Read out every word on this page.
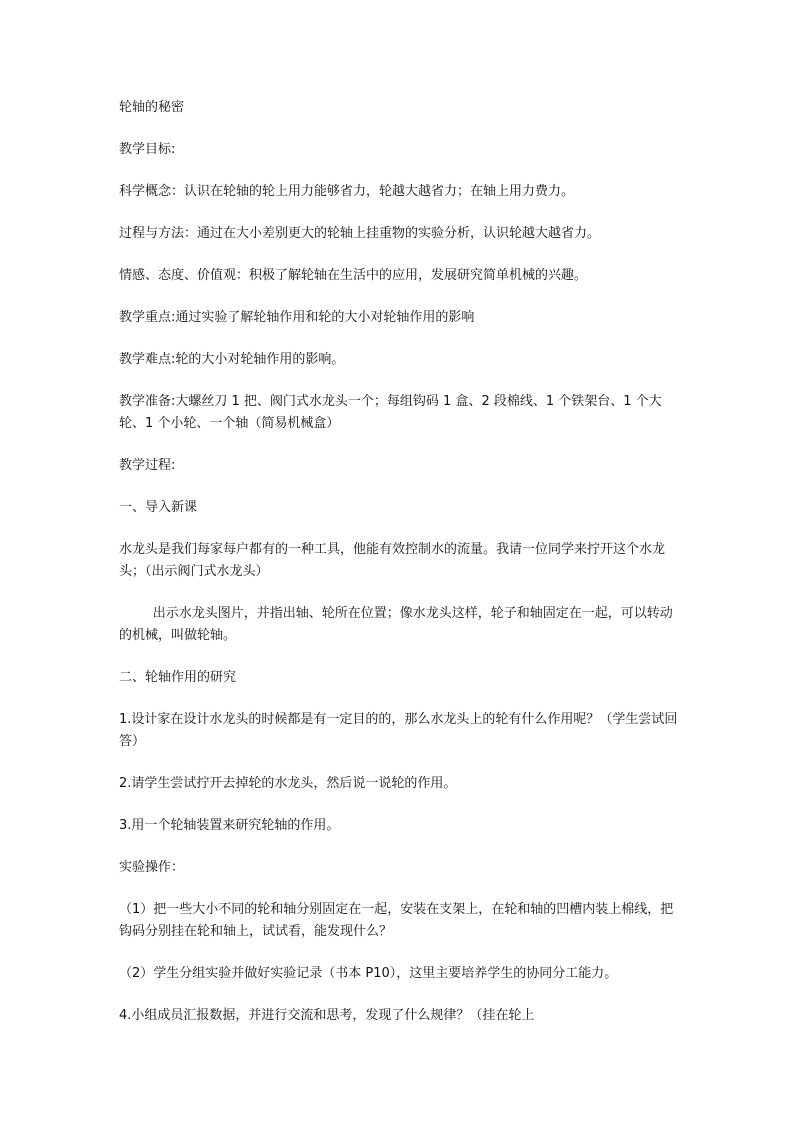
轮轴的秘密

教学目标:

科学概念：认识在轮轴的轮上用力能够省力，轮越大越省力；在轴上用力费力。

过程与方法：通过在大小差别更大的轮轴上挂重物的实验分析，认识轮越大越省力。

情感、态度、价值观：积极了解轮轴在生活中的应用，发展研究简单机械的兴趣。

教学重点:通过实验了解轮轴作用和轮的大小对轮轴作用的影响

教学难点:轮的大小对轮轴作用的影响。

教学准备:大螺丝刀 1 把、阀门式水龙头一个；每组钩码 1 盒、2 段棉线、1 个铁架台、1 个大轮、1 个小轮、一个轴（简易机械盒）

教学过程:

一、导入新课

水龙头是我们每家每户都有的一种工具，他能有效控制水的流量。我请一位同学来拧开这个水龙头；（出示阀门式水龙头）

出示水龙头图片，并指出轴、轮所在位置；像水龙头这样，轮子和轴固定在一起，可以转动的机械，叫做轮轴。

二、轮轴作用的研究

1.设计家在设计水龙头的时候都是有一定目的的，那么水龙头上的轮有什么作用呢？（学生尝试回答）

2.请学生尝试拧开去掉轮的水龙头，然后说一说轮的作用。

3.用一个轮轴装置来研究轮轴的作用。

实验操作：

（1）把一些大小不同的轮和轴分别固定在一起，安装在支架上，在轮和轴的凹槽内装上棉线，把钩码分别挂在轮和轴上，试试看，能发现什么？

（2）学生分组实验并做好实验记录（书本 P10），这里主要培养学生的协同分工能力。

4.小组成员汇报数据，并进行交流和思考，发现了什么规律？（挂在轮上
